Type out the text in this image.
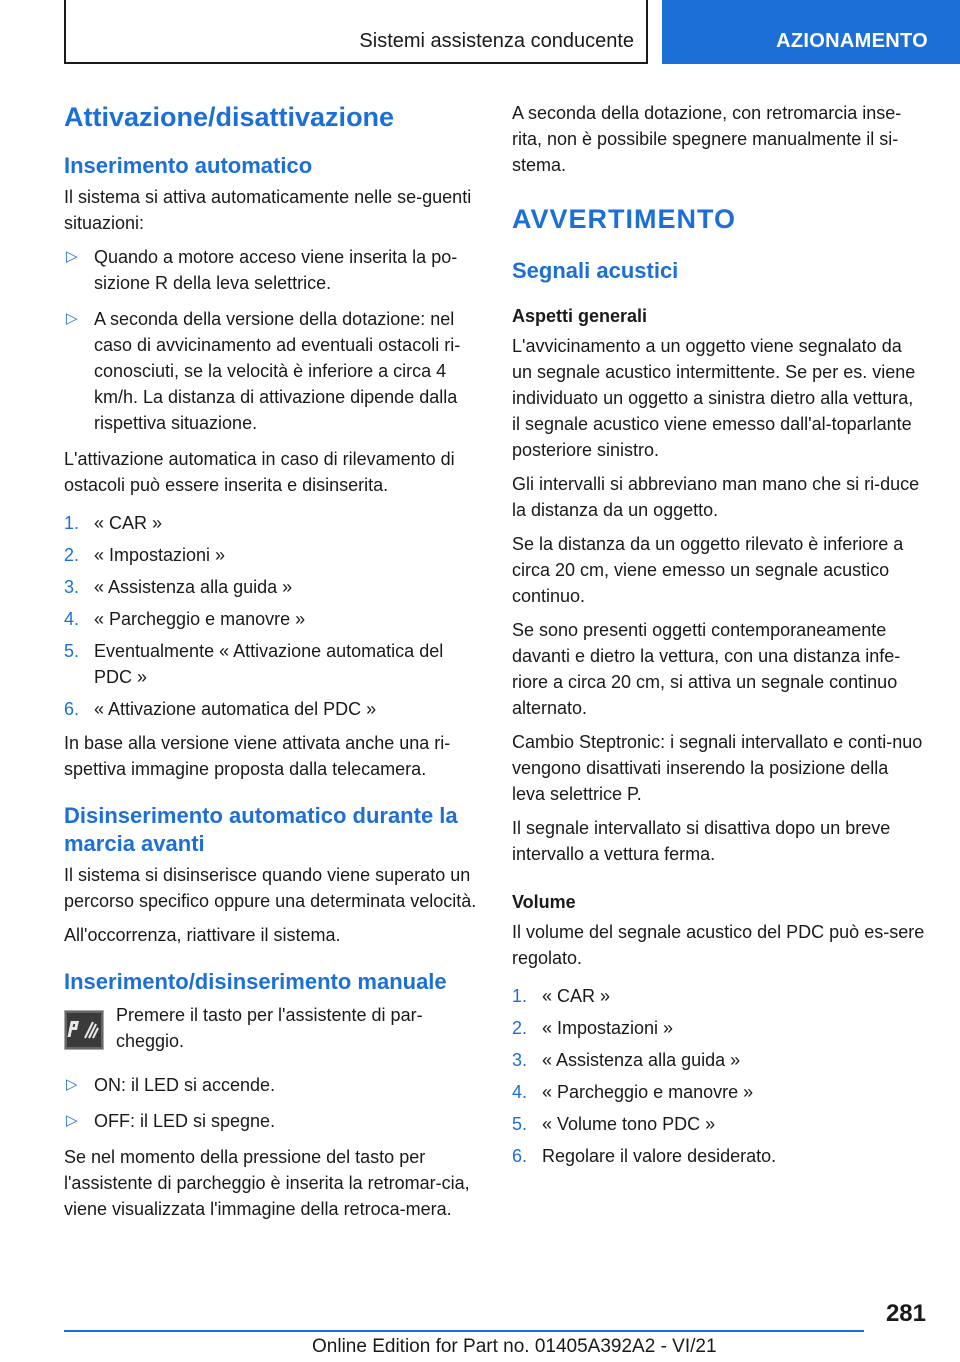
Sistemi assistenza conducente	AZIONAMENTO
Attivazione/disattivazione
Inserimento automatico

Il sistema si attiva automaticamente nelle se-guenti situazioni:

▷ Quando a motore acceso viene inserita la po-sizione R della leva selettrice.
▷ A seconda della versione della dotazione: nel caso di avvicinamento ad eventuali ostacoli ri-conosciuti, se la velocità è inferiore a circa 4 km/h. La distanza di attivazione dipende dalla rispettiva situazione.

L'attivazione automatica in caso di rilevamento di ostacoli può essere inserita e disinserita.

1. « CAR »
2. « Impostazioni »
3. « Assistenza alla guida »
4. « Parcheggio e manovre »
5. Eventualmente « Attivazione automatica del PDC »
6. « Attivazione automatica del PDC »

In base alla versione viene attivata anche una ri-spettiva immagine proposta dalla telecamera.

Disinserimento automatico durante la marcia avanti

Il sistema si disinserisce quando viene superato un percorso specifico oppure una determinata velocità.

All'occorrenza, riattivare il sistema.

Inserimento/disinserimento manuale

Premere il tasto per l'assistente di par-cheggio.

▷ ON: il LED si accende.
▷ OFF: il LED si spegne.

Se nel momento della pressione del tasto per l'assistente di parcheggio è inserita la retromar-cia, viene visualizzata l'immagine della retroca-mera.

A seconda della dotazione, con retromarcia inse-rita, non è possibile spegnere manualmente il si-stema.

AVVERTIMENTO
Segnali acustici
Aspetti generali

L'avvicinamento a un oggetto viene segnalato da un segnale acustico intermittente. Se per es. viene individuato un oggetto a sinistra dietro alla vettura, il segnale acustico viene emesso dall'al-toparlante posteriore sinistro.

Gli intervalli si abbreviano man mano che si ri-duce la distanza da un oggetto.

Se la distanza da un oggetto rilevato è inferiore a circa 20 cm, viene emesso un segnale acustico continuo.

Se sono presenti oggetti contemporaneamente davanti e dietro la vettura, con una distanza infe-riore a circa 20 cm, si attiva un segnale continuo alternato.

Cambio Steptronic: i segnali intervallato e conti-nuo vengono disattivati inserendo la posizione della leva selettrice P.

Il segnale intervallato si disattiva dopo un breve intervallo a vettura ferma.

Volume

Il volume del segnale acustico del PDC può es-sere regolato.

1. « CAR »
2. « Impostazioni »
3. « Assistenza alla guida »
4. « Parcheggio e manovre »
5. « Volume tono PDC »
6. Regolare il valore desiderato.
281
Online Edition for Part no. 01405A392A2 - VI/21
